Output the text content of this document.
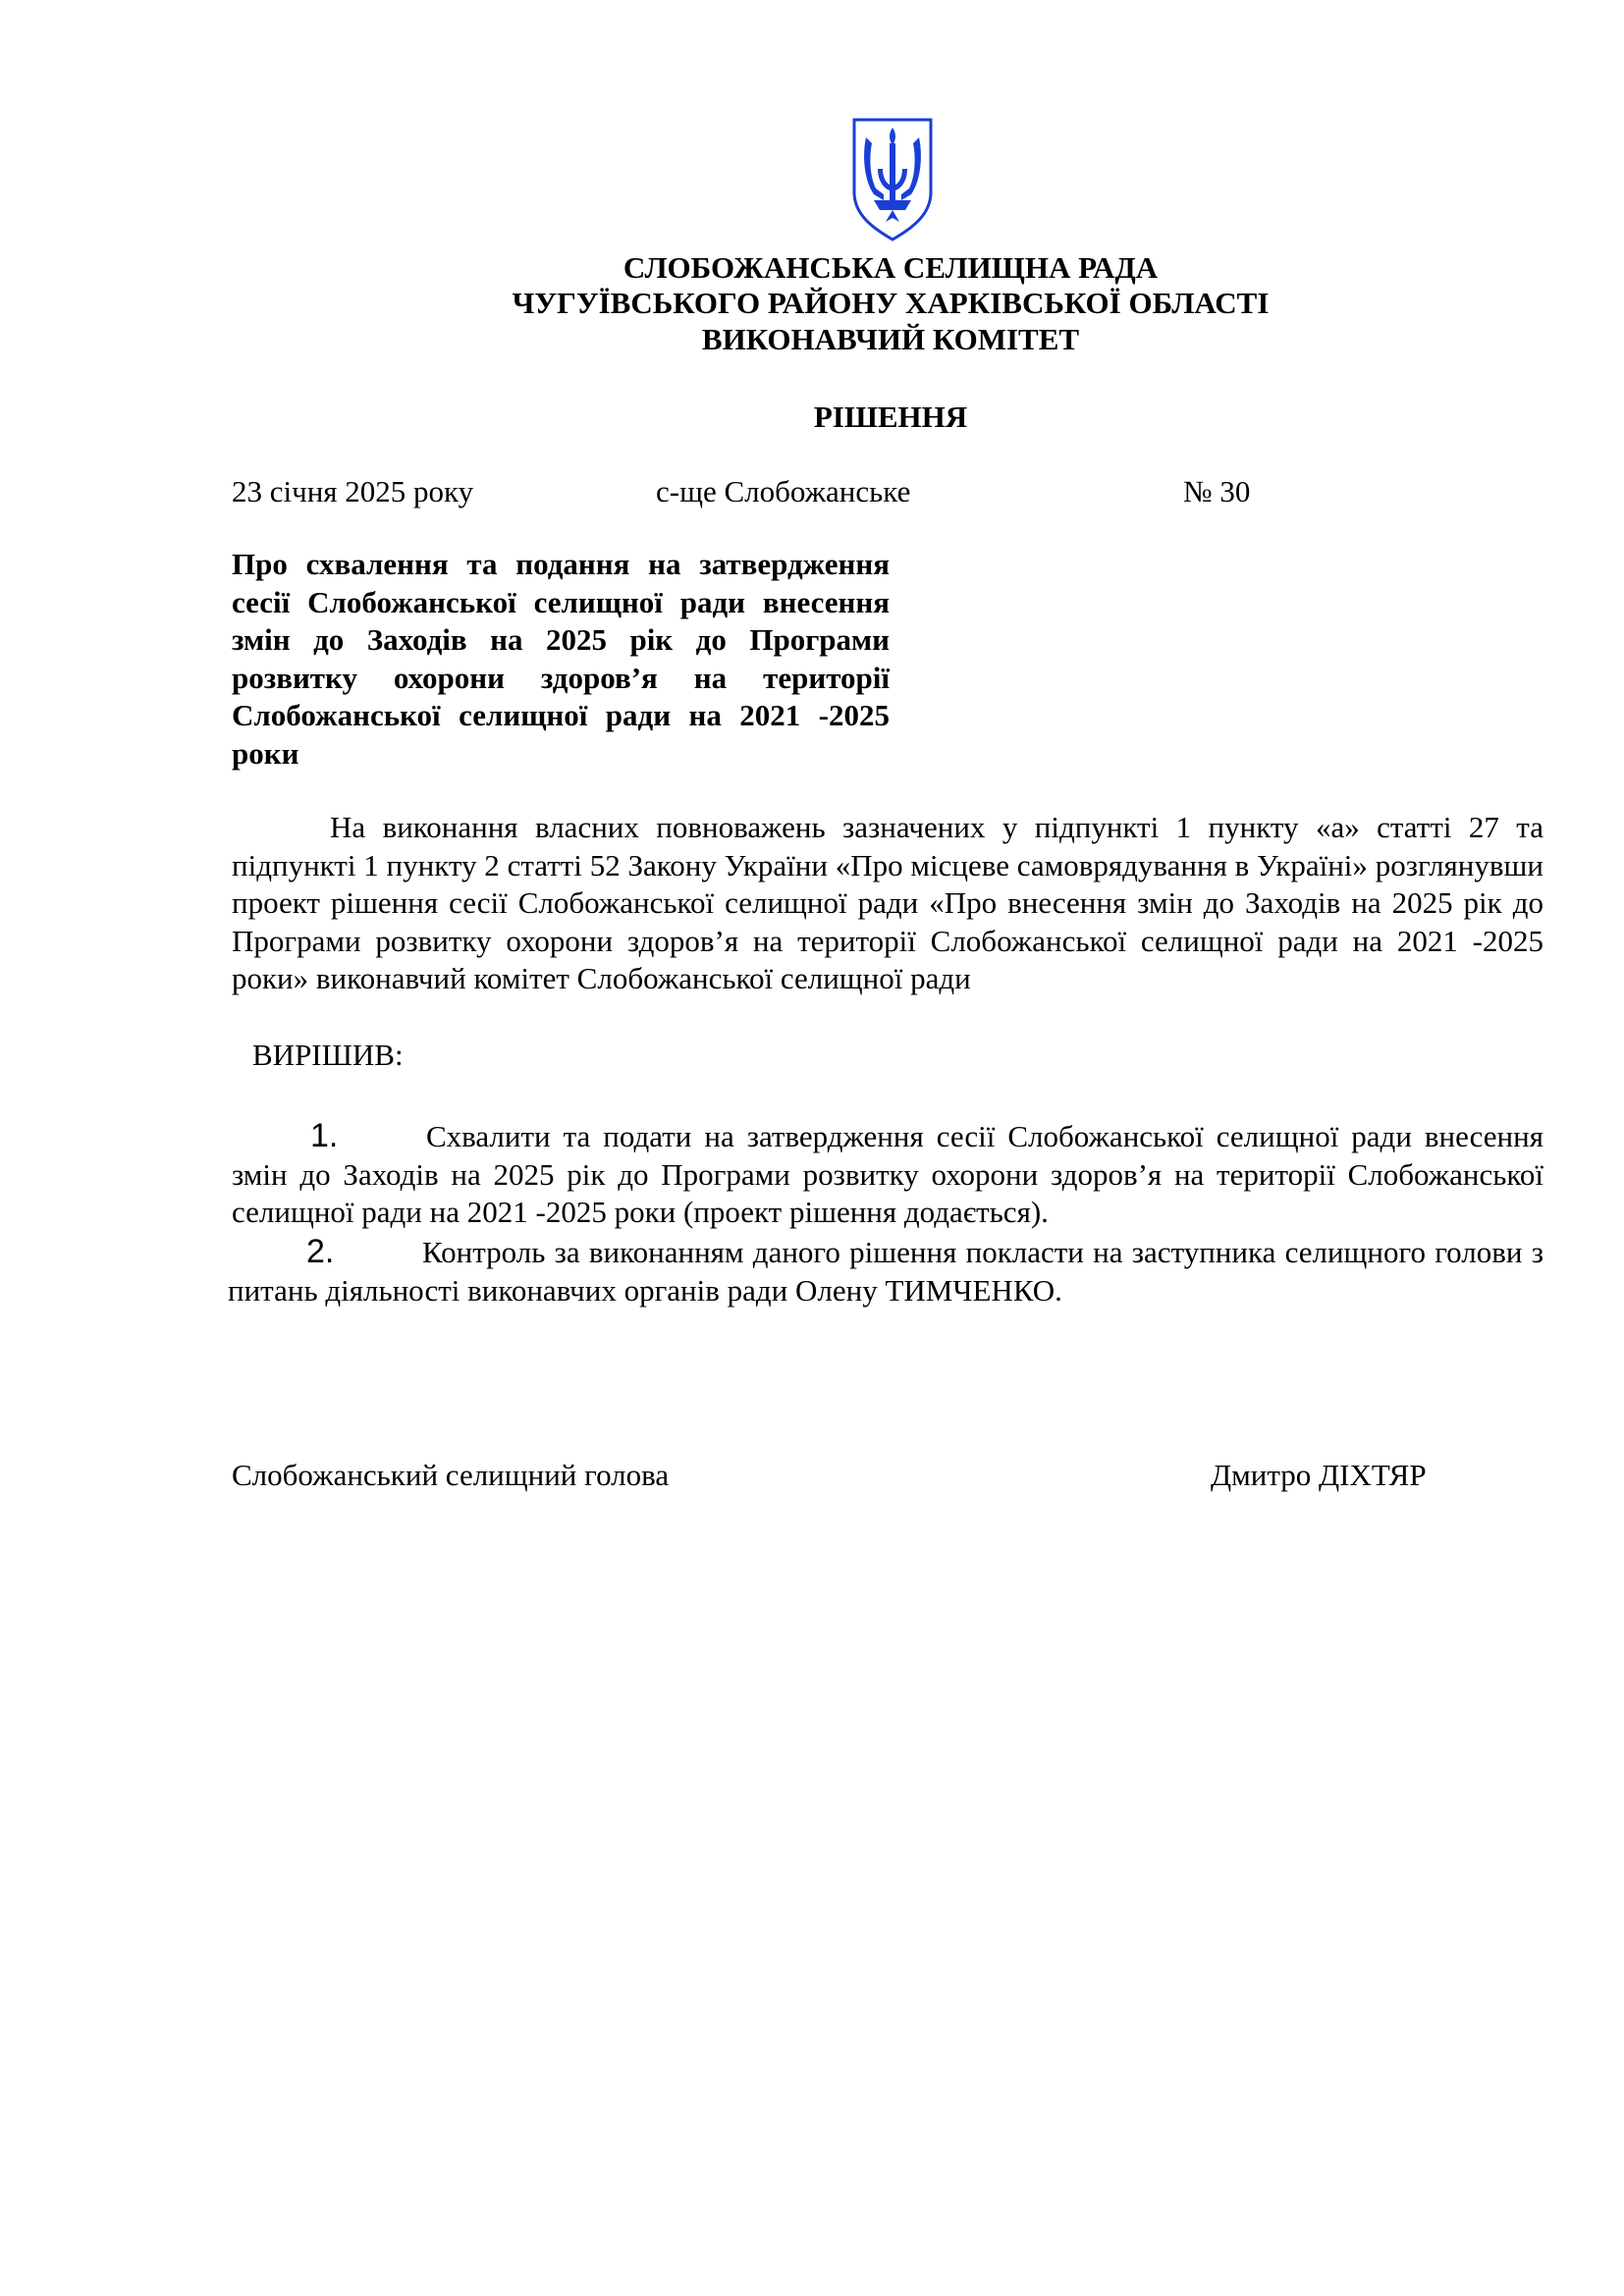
СЛОБОЖАНСЬКА СЕЛИЩНА РАДА
ЧУГУЇВСЬКОГО РАЙОНУ ХАРКІВСЬКОЇ ОБЛАСТІ
ВИКОНАВЧИЙ КОМІТЕТ
РІШЕННЯ
23 січня 2025 року	с-ще Слобожанське	№ 30
Про схвалення та подання на затвердження
сесії Слобожанської селищної ради внесення
змін до Заходів на 2025 рік до Програми
розвитку охорони здоров’я на території
Слобожанської селищної ради на 2021 -2025
роки
На виконання власних повноважень зазначених у підпункті 1 пункту «а» статті 27 та підпункті 1 пункту 2 статті 52 Закону України «Про місцеве самоврядування в Україні» розглянувши проект рішення сесії Слобожанської селищної ради «Про внесення змін до Заходів на 2025 рік до Програми розвитку охорони здоров’я на території Слобожанської селищної ради на 2021 -2025 роки» виконавчий комітет Слобожанської селищної ради
ВИРІШИВ:
1.	Схвалити та подати на затвердження сесії Слобожанської селищної ради внесення змін до Заходів на 2025 рік до Програми розвитку охорони здоров’я на території Слобожанської селищної ради на 2021 -2025 роки (проект рішення додається).
2.	Контроль за виконанням даного рішення покласти на заступника селищного голови з питань діяльності виконавчих органів ради Олену ТИМЧЕНКО.
Слобожанський селищний голова	Дмитро ДІХТЯР
